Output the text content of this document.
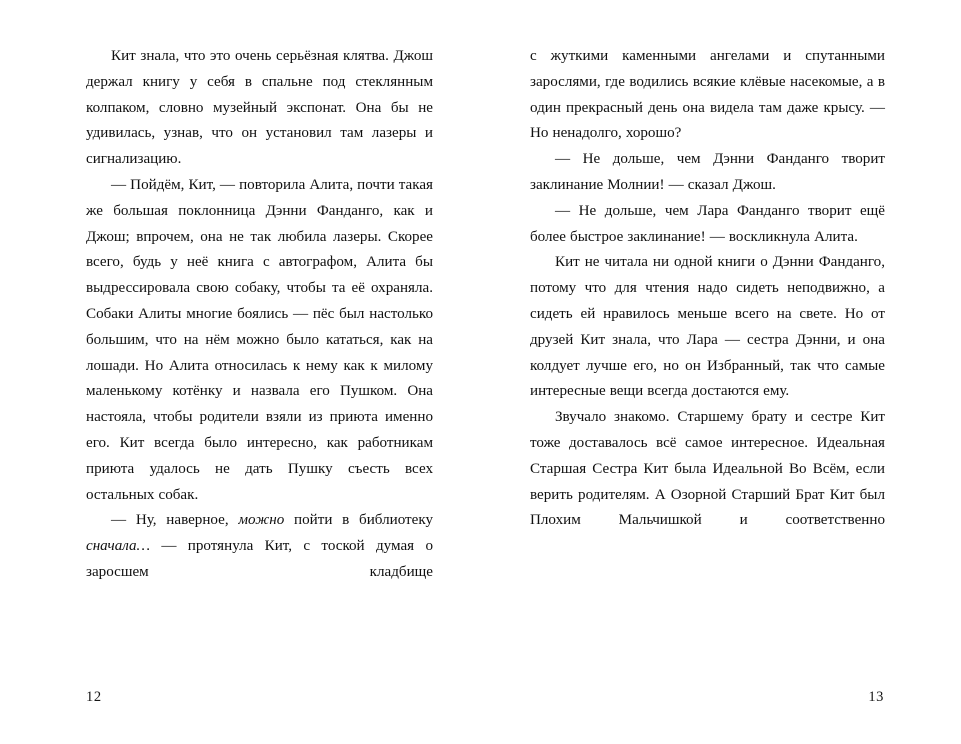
Кит знала, что это очень серьёзная клятва. Джош держал книгу у себя в спальне под стеклянным колпаком, словно музейный экспонат. Она бы не удивилась, узнав, что он установил там лазеры и сигнализацию.

— Пойдём, Кит, — повторила Алита, почти такая же большая поклонница Дэнни Фанданго, как и Джош; впрочем, она не так любила лазеры. Скорее всего, будь у неё книга с автографом, Алита бы выдрессировала свою собаку, чтобы та её охраняла. Собаки Алиты многие боялись — пёс был настолько большим, что на нём можно было кататься, как на лошади. Но Алита относилась к нему как к милому маленькому котёнку и назвала его Пушком. Она настояла, чтобы родители взяли из приюта именно его. Кит всегда было интересно, как работникам приюта удалось не дать Пушку съесть всех остальных собак.

— Ну, наверное, можно пойти в библиотеку сначала… — протянула Кит, с тоской думая о заросшем кладбище

12

с жуткими каменными ангелами и спутанными зарослями, где водились всякие клёвые насекомые, а в один прекрасный день она видела там даже крысу. — Но ненадолго, хорошо?

— Не дольше, чем Дэнни Фанданго творит заклинание Молнии! — сказал Джош.

— Не дольше, чем Лара Фанданго творит ещё более быстрое заклинание! — воскликнула Алита.

Кит не читала ни одной книги о Дэнни Фанданго, потому что для чтения надо сидеть неподвижно, а сидеть ей нравилось меньше всего на свете. Но от друзей Кит знала, что Лара — сестра Дэнни, и она колдует лучше его, но он Избранный, так что самые интересные вещи всегда достаются ему.

Звучало знакомо. Старшему брату и сестре Кит тоже доставалось всё самое интересное. Идеальная Старшая Сестра Кит была Идеальной Во Всём, если верить родителям. А Озорной Старший Брат Кит был Плохим Мальчишкой и соответственно

13
